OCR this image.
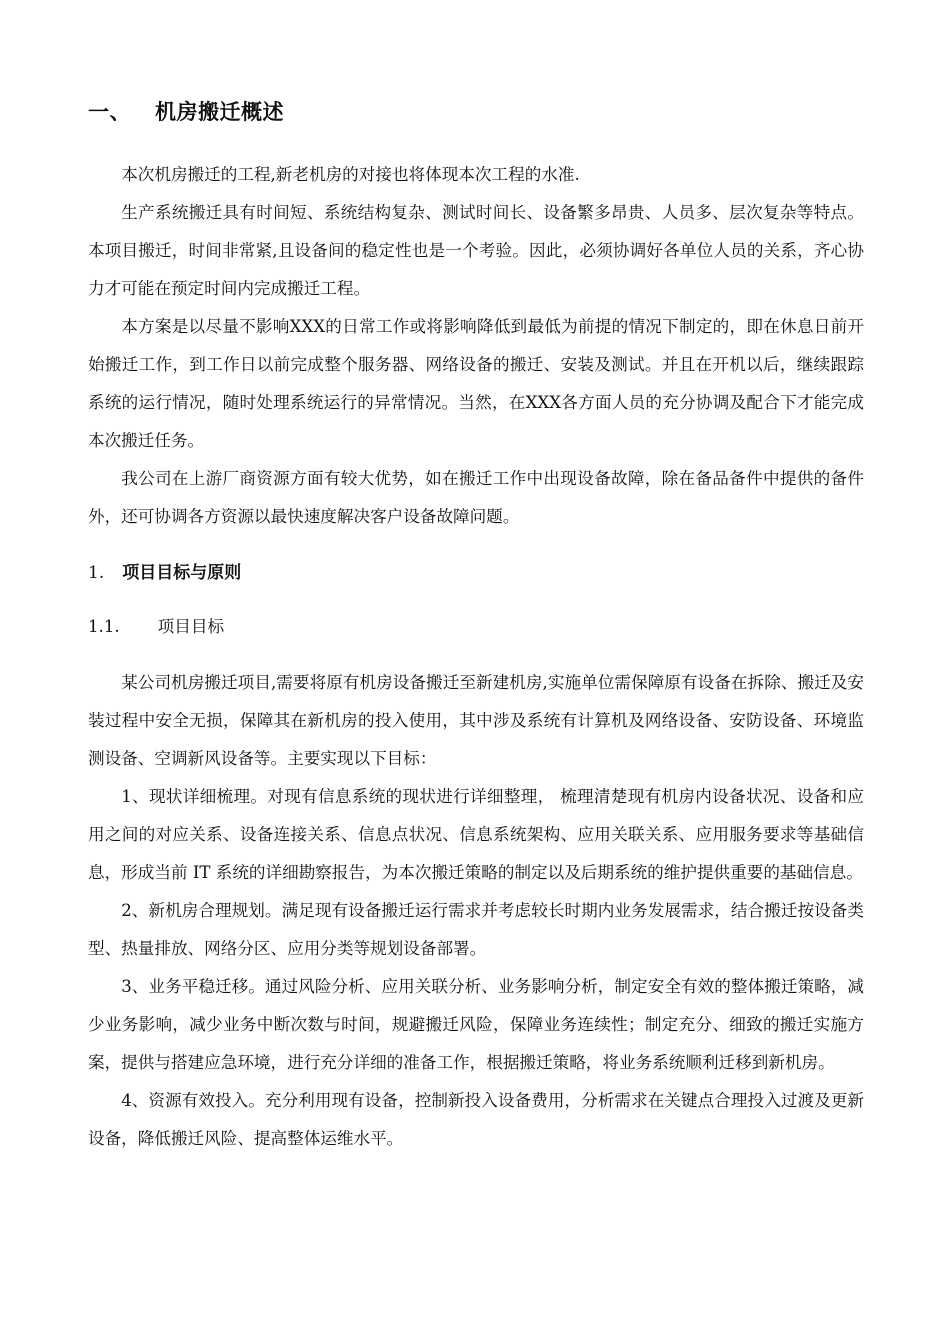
一、 机房搬迁概述

本次机房搬迁的工程,新老机房的对接也将体现本次工程的水准.

生产系统搬迁具有时间短、系统结构复杂、测试时间长、设备繁多昂贵、人员多、层次复杂等特点。本项目搬迁，时间非常紧,且设备间的稳定性也是一个考验。因此，必须协调好各单位人员的关系，齐心协力才可能在预定时间内完成搬迁工程。

本方案是以尽量不影响XXX的日常工作或将影响降低到最低为前提的情况下制定的，即在休息日前开始搬迁工作，到工作日以前完成整个服务器、网络设备的搬迁、安装及测试。并且在开机以后，继续跟踪系统的运行情况，随时处理系统运行的异常情况。当然，在XXX各方面人员的充分协调及配合下才能完成本次搬迁任务。

我公司在上游厂商资源方面有较大优势，如在搬迁工作中出现设备故障，除在备品备件中提供的备件外，还可协调各方资源以最快速度解决客户设备故障问题。

1. 项目目标与原则
1.1. 项目目标

某公司机房搬迁项目,需要将原有机房设备搬迁至新建机房,实施单位需保障原有设备在拆除、搬迁及安装过程中安全无损，保障其在新机房的投入使用，其中涉及系统有计算机及网络设备、安防设备、环境监测设备、空调新风设备等。主要实现以下目标：

1、现状详细梳理。对现有信息系统的现状进行详细整理， 梳理清楚现有机房内设备状况、设备和应用之间的对应关系、设备连接关系、信息点状况、信息系统架构、应用关联关系、应用服务要求等基础信息，形成当前 IT 系统的详细勘察报告，为本次搬迁策略的制定以及后期系统的维护提供重要的基础信息。

2、新机房合理规划。满足现有设备搬迁运行需求并考虑较长时期内业务发展需求，结合搬迁按设备类型、热量排放、网络分区、应用分类等规划设备部署。

3、业务平稳迁移。通过风险分析、应用关联分析、业务影响分析，制定安全有效的整体搬迁策略，减少业务影响，减少业务中断次数与时间，规避搬迁风险，保障业务连续性；制定充分、细致的搬迁实施方案，提供与搭建应急环境，进行充分详细的准备工作，根据搬迁策略，将业务系统顺利迁移到新机房。

4、资源有效投入。充分利用现有设备，控制新投入设备费用，分析需求在关键点合理投入过渡及更新设备，降低搬迁风险、提高整体运维水平。
